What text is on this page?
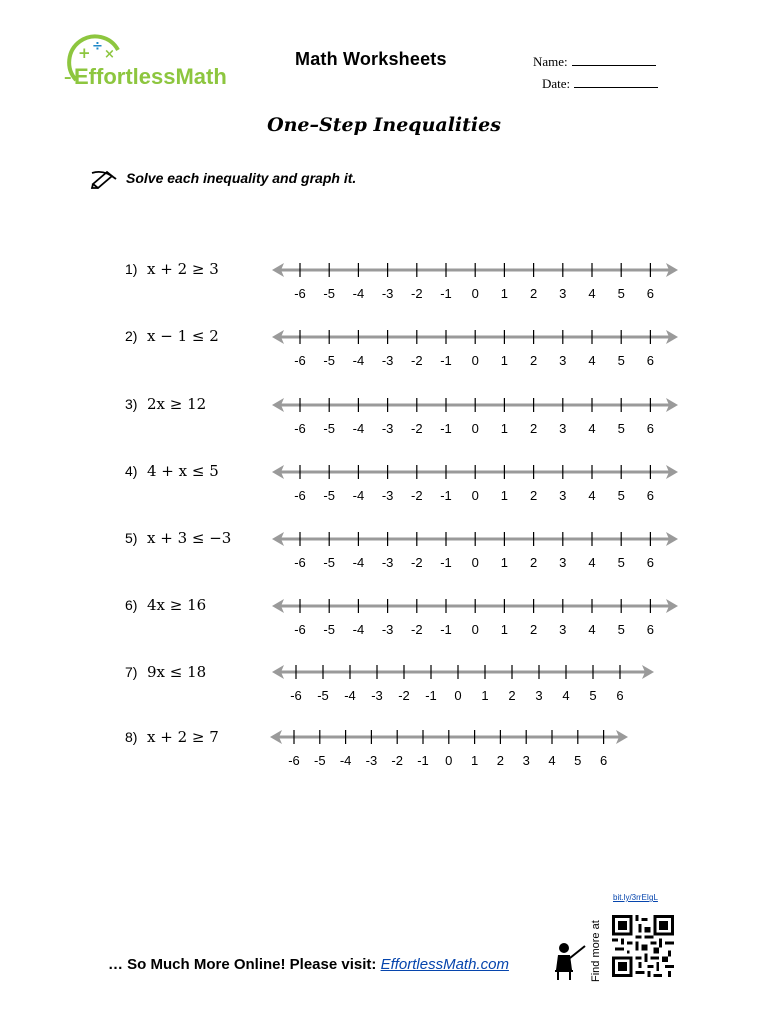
+ ÷
×
– EffortlessMath
Math Worksheets	Name:
Date:
One–Step Inequalities
Solve each inequality and graph it.
1) x + 2 ≥ 3
2) x − 1 ≤ 2
3) 2x ≥ 12
4) 4 + x ≤ 5
5) x + 3 ≤ −3
6) 4x ≥ 16
7) 9x ≤ 18
8) x + 2 ≥ 7
-6 -5 -4 -3 -2 -1 0 1 2 3 4 5 6
-6 -5 -4 -3 -2 -1 0 1 2 3 4 5 6
-6 -5 -4 -3 -2 -1 0 1 2 3 4 5 6
-6 -5 -4 -3 -2 -1 0 1 2 3 4 5 6
-6 -5 -4 -3 -2 -1 0 1 2 3 4 5 6
-6 -5 -4 -3 -2 -1 0 1 2 3 4 5 6
-6 -5 -4 -3 -2 -1 0 1 2 3 4 5 6
-6 -5 -4 -3 -2 -1 0 1 2 3 4 5 6
bit.ly/3rrEIgL
… So Much More Online! Please visit: EffortlessMath.com	Find more at
